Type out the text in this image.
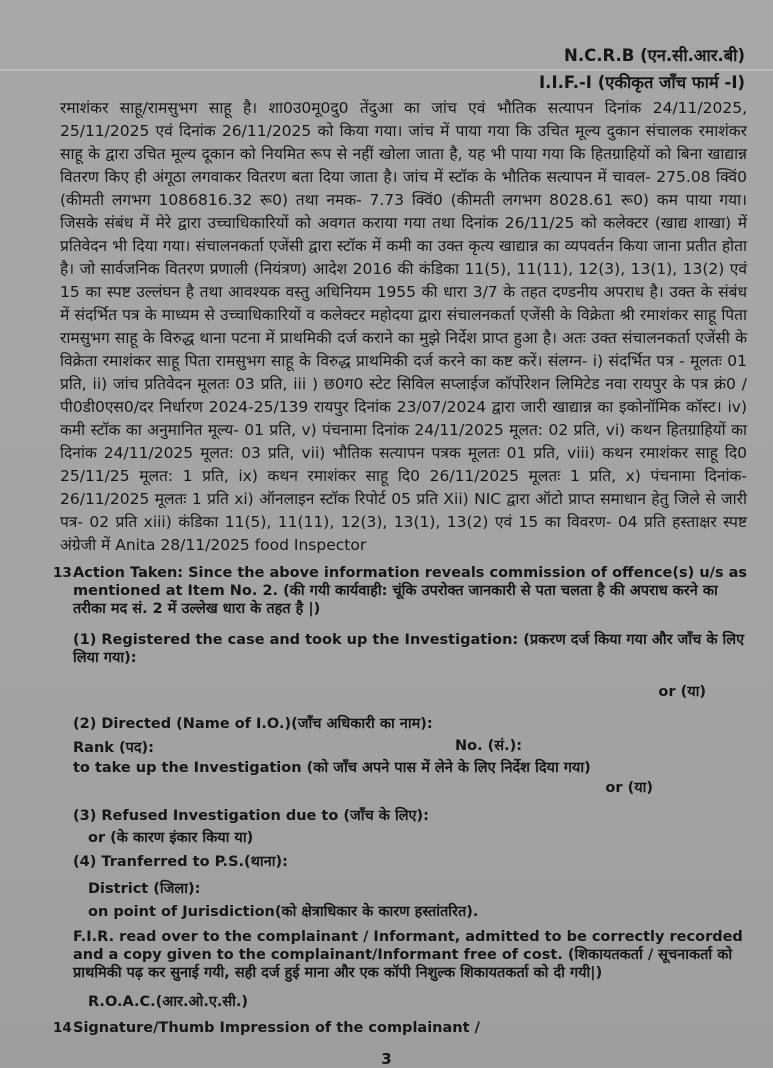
N.C.R.B (एन.सी.आर.बी)
I.I.F.-I (एकीकृत जाँच फार्म -I)

रमाशंकर साहू/रामसुभग साहू है। शा0उ0मू0दु0 तेंदुआ का जांच एवं भौतिक सत्यापन दिनांक 24/11/2025, 25/11/2025 एवं दिनांक 26/11/2025 को किया गया। जांच में पाया गया कि उचित मूल्य दुकान संचालक रमाशंकर साहू के द्वारा उचित मूल्य दूकान को नियमित रूप से नहीं खोला जाता है, यह भी पाया गया कि हितग्राहियों को बिना खाद्यान्न वितरण किए ही अंगूठा लगवाकर वितरण बता दिया जाता है। जांच में स्टॉक के भौतिक सत्यापन में चावल- 275.08 क्विं0 (कीमती लगभग 1086816.32 रू0) तथा नमक- 7.73 क्विं0 (कीमती लगभग 8028.61 रू0) कम पाया गया। जिसके संबंध में मेरे द्वारा उच्चाधिकारियों को अवगत कराया गया तथा दिनांक 26/11/25 को कलेक्टर (खाद्य शाखा) में प्रतिवेदन भी दिया गया। संचालनकर्ता एजेंसी द्वारा स्टॉक में कमी का उक्त कृत्य खाद्यान्न का व्यपवर्तन किया जाना प्रतीत होता है। जो सार्वजनिक वितरण प्रणाली (नियंत्रण) आदेश 2016 की कंडिका 11(5), 11(11), 12(3), 13(1), 13(2) एवं 15 का स्पष्ट उल्लंघन है तथा आवश्यक वस्तु अधिनियम 1955 की धारा 3/7 के तहत दण्डनीय अपराध है। उक्त के संबंध में संदर्भित पत्र के माध्यम से उच्चाधिकारियों व कलेक्टर महोदया द्वारा संचालनकर्ता एजेंसी के विक्रेता श्री रमाशंकर साहू पिता रामसुभग साहू के विरुद्ध थाना पटना में प्राथमिकी दर्ज कराने का मुझे निर्देश प्राप्त हुआ है। अतः उक्त संचालनकर्ता एजेंसी के विक्रेता रमाशंकर साहू पिता रामसुभग साहू के विरुद्ध प्राथमिकी दर्ज करने का कष्ट करें। संलग्न- i) संदर्भित पत्र - मूलतः 01 प्रति, ii) जांच प्रतिवेदन मूलतः 03 प्रति, iii ) छ0ग0 स्टेट सिविल सप्लाईज कॉर्पोरेशन लिमिटेड नवा रायपुर के पत्र क्रं0 /पी0डी0एस0/दर निर्धारण 2024-25/139 रायपुर दिनांक 23/07/2024 द्वारा जारी खाद्यान्न का इकोनॉमिक कॉस्ट। iv) कमी स्टॉक का अनुमानित मूल्य- 01 प्रति, v) पंचनामा दिनांक 24/11/2025 मूलत: 02 प्रति, vi) कथन हितग्राहियों का दिनांक 24/11/2025 मूलत: 03 प्रति, vii) भौतिक सत्यापन पत्रक मूलतः 01 प्रति, viii) कथन रमाशंकर साहू दि0 25/11/25 मूलत: 1 प्रति, ix) कथन रमाशंकर साहू दि0 26/11/2025 मूलतः 1 प्रति, x) पंचनामा दिनांक- 26/11/2025 मूलतः 1 प्रति xi) ऑनलाइन स्टॉक रिपोर्ट 05 प्रति Xii) NIC द्वारा ऑटो प्राप्त समाधान हेतु जिले से जारी पत्र- 02 प्रति xiii) कंडिका 11(5), 11(11), 12(3), 13(1), 13(2) एवं 15 का विवरण- 04 प्रति हस्ताक्षर स्पष्ट अंग्रेजी में Anita 28/11/2025 food Inspector

13 Action Taken: Since the above information reveals commission of offence(s) u/s as mentioned at Item No. 2. (की गयी कार्यवाही: चूंकि उपरोक्त जानकारी से पता चलता है की अपराध करने का तरीका मद सं. 2 में उल्लेख धारा के तहत है |)

(1) Registered the case and took up the Investigation: (प्रकरण दर्ज किया गया और जाँच के लिए लिया गया):

or (या)

(2) Directed (Name of I.O.)(जाँच अधिकारी का नाम):

Rank (पद):	No. (सं.):

to take up the Investigation (को जाँच अपने पास में लेने के लिए निर्देश दिया गया)

or (या)

(3) Refused Investigation due to (जाँच के लिए):

or (के कारण इंकार किया या)

(4) Tranferred to P.S.(थाना):

District (जिला):

on point of Jurisdiction(को क्षेत्राधिकार के कारण हस्तांतरित).

F.I.R. read over to the complainant / Informant, admitted to be correctly recorded and a copy given to the complainant/Informant free of cost. (शिकायतकर्ता / सूचनाकर्ता को प्राथमिकी पढ़ कर सुनाई गयी, सही दर्ज हुई माना और एक कॉपी निशुल्क शिकायतकर्ता को दी गयी|)

R.O.A.C.(आर.ओ.ए.सी.)

14 Signature/Thumb Impression of the complainant /

3
